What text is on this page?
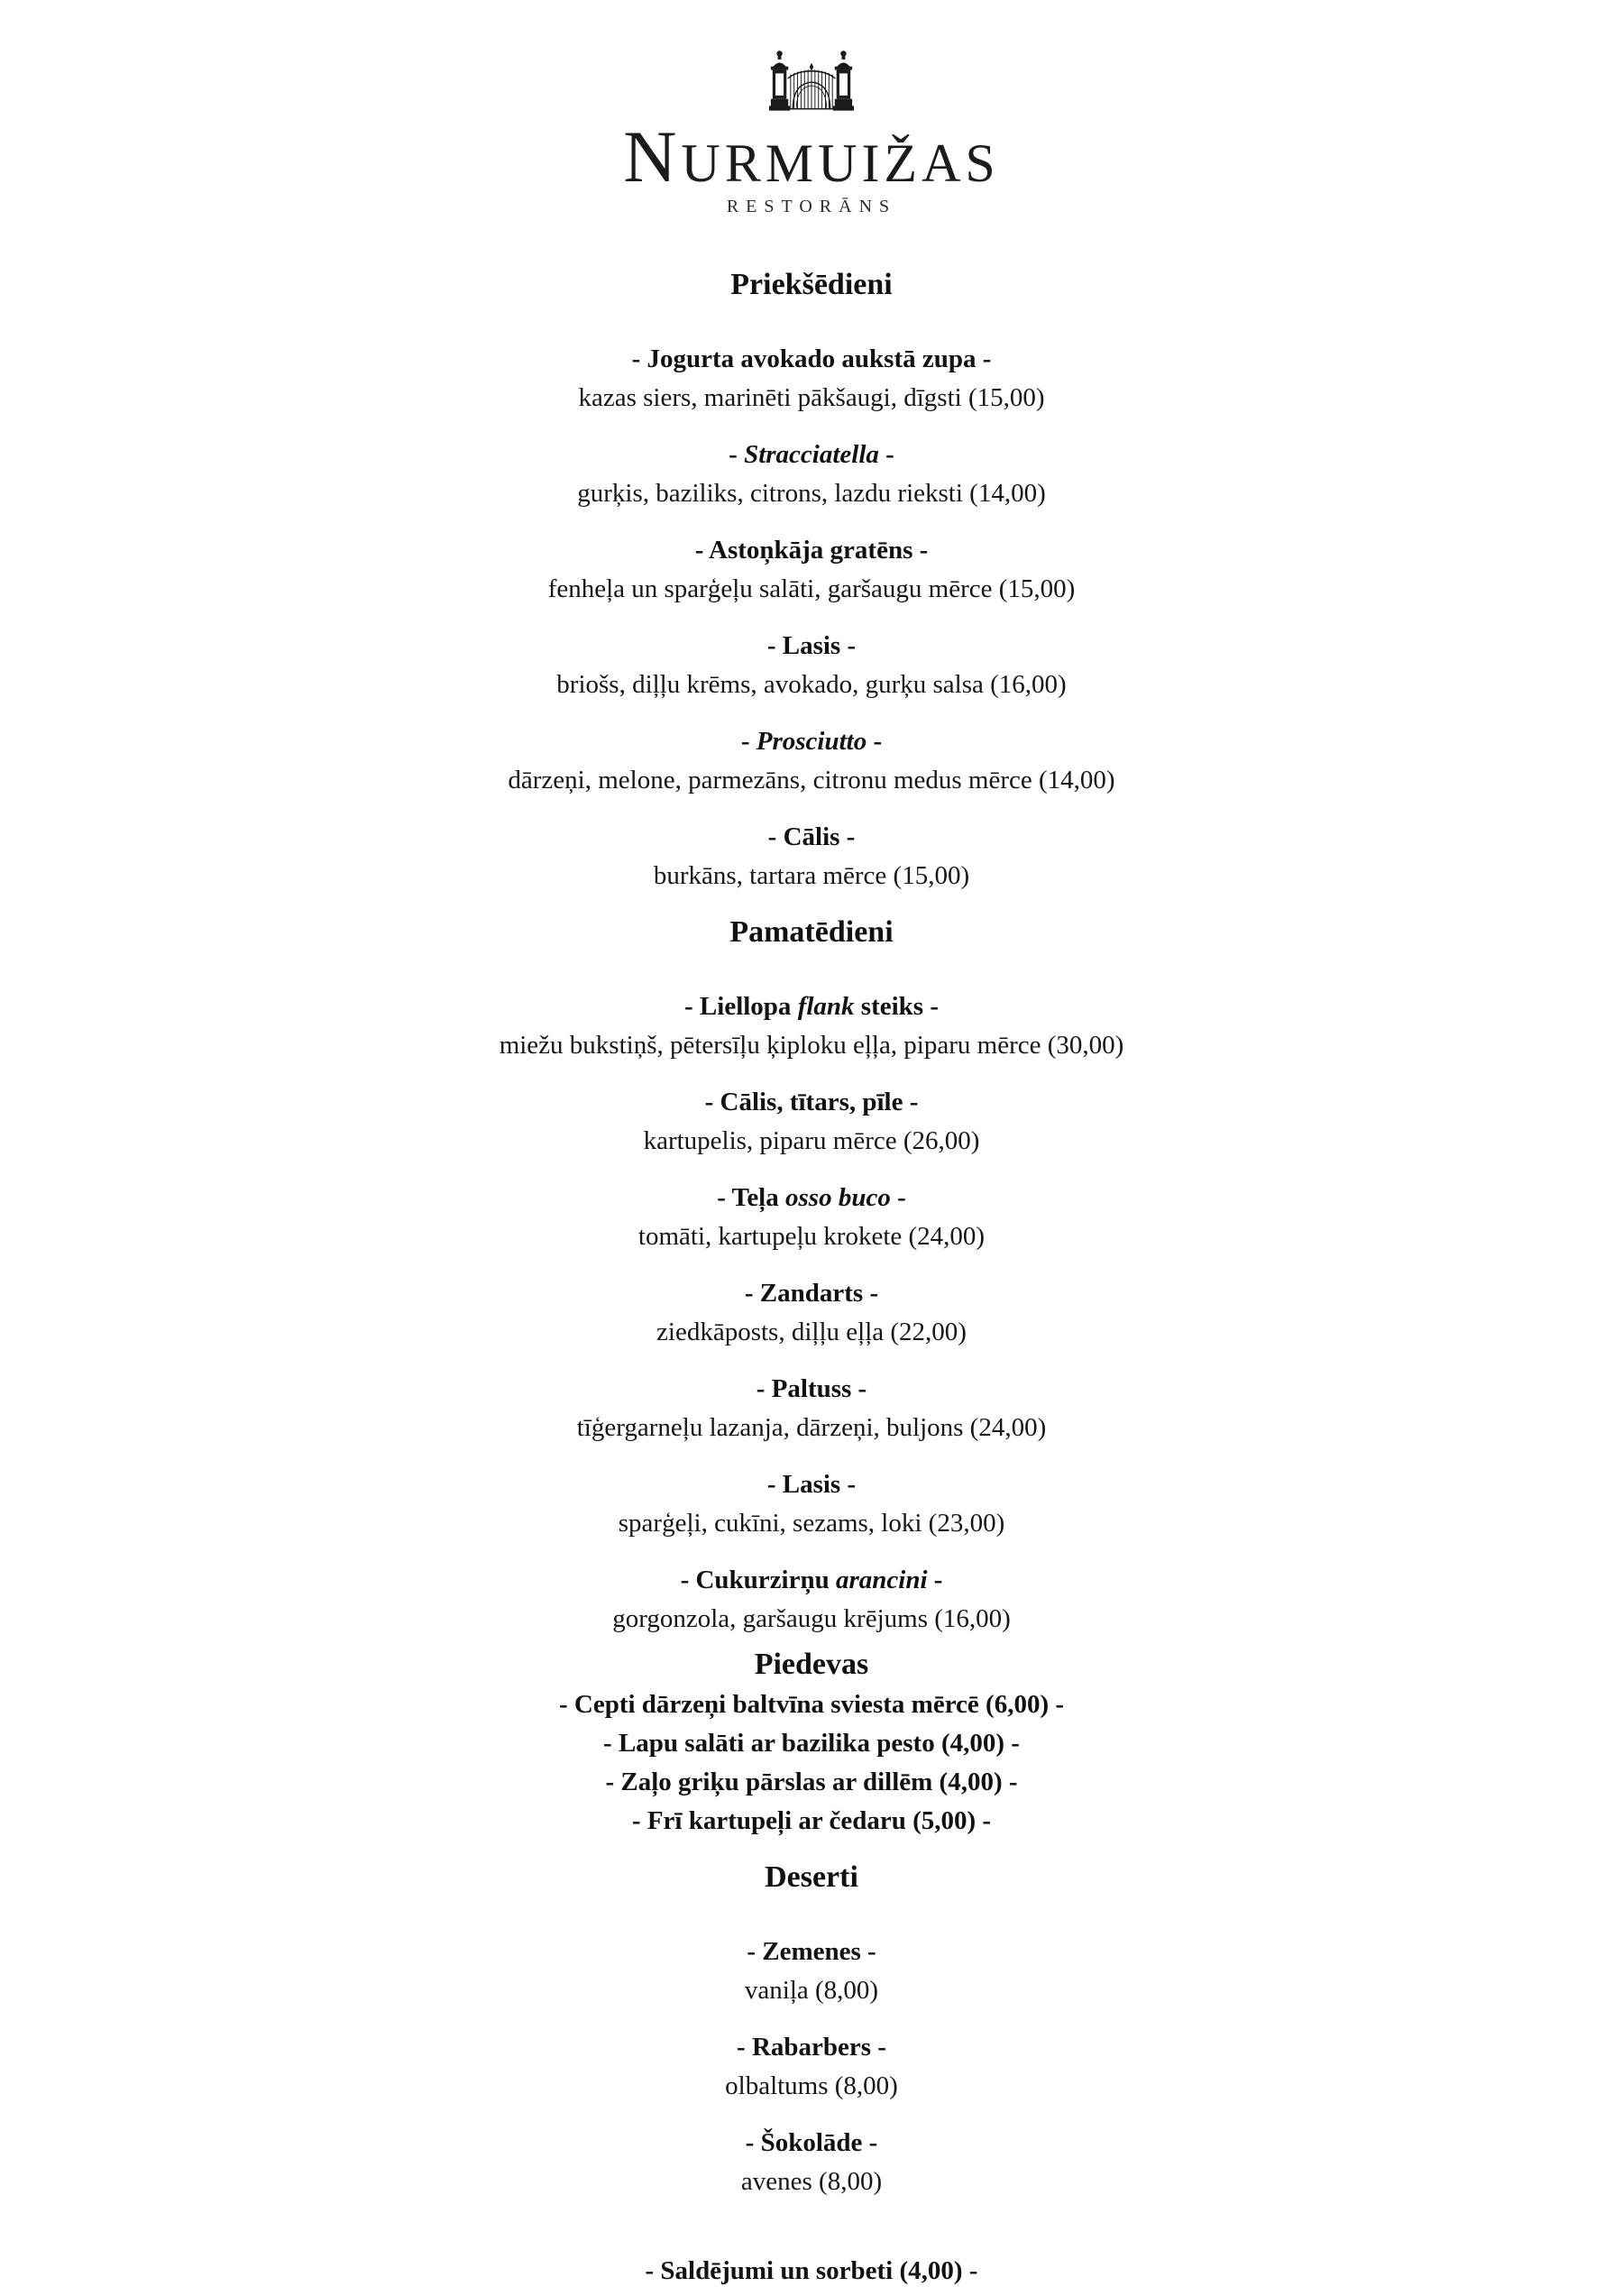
NURMUIŽAS
RESTORĀNS
Priekšēdieni
- Jogurta avokado aukstā zupa -
kazas siers, marinēti pākšaugi, dīgsti (15,00)
- Stracciatella -
gurķis, baziliks, citrons, lazdu rieksti (14,00)
- Astoņkāja gratēns -
fenheļa un sparģeļu salāti, garšaugu mērce (15,00)
- Lasis -
briošs, diļļu krēms, avokado, gurķu salsa (16,00)
- Prosciutto -
dārzeņi, melone, parmezāns, citronu medus mērce (14,00)
- Cālis -
burkāns, tartara mērce (15,00)
Pamatēdieni
- Liellopa flank steiks -
miežu bukstiņš, pētersīļu ķiploku eļļa, piparu mērce (30,00)
- Cālis, tītars, pīle -
kartupelis, piparu mērce (26,00)
- Teļa osso buco -
tomāti, kartupeļu krokete (24,00)
- Zandarts -
ziedkāposts, diļļu eļļa (22,00)
- Paltuss -
tīģergarneļu lazanja, dārzeņi, buljons (24,00)
- Lasis -
sparģeļi, cukīni, sezams, loki (23,00)
- Cukurzirņu arancini -
gorgonzola, garšaugu krējums (16,00)
Piedevas
- Cepti dārzeņi baltvīna sviesta mērcē (6,00) -
- Lapu salāti ar bazilika pesto (4,00) -
- Zaļo griķu pārslas ar dillēm (4,00) -
- Frī kartupeļi ar čedaru (5,00) -
Deserti
- Zemenes -
vaniļa (8,00)
- Rabarbers -
olbaltums (8,00)
- Šokolāde -
avenes (8,00)
- Saldējumi un sorbeti (4,00) -
